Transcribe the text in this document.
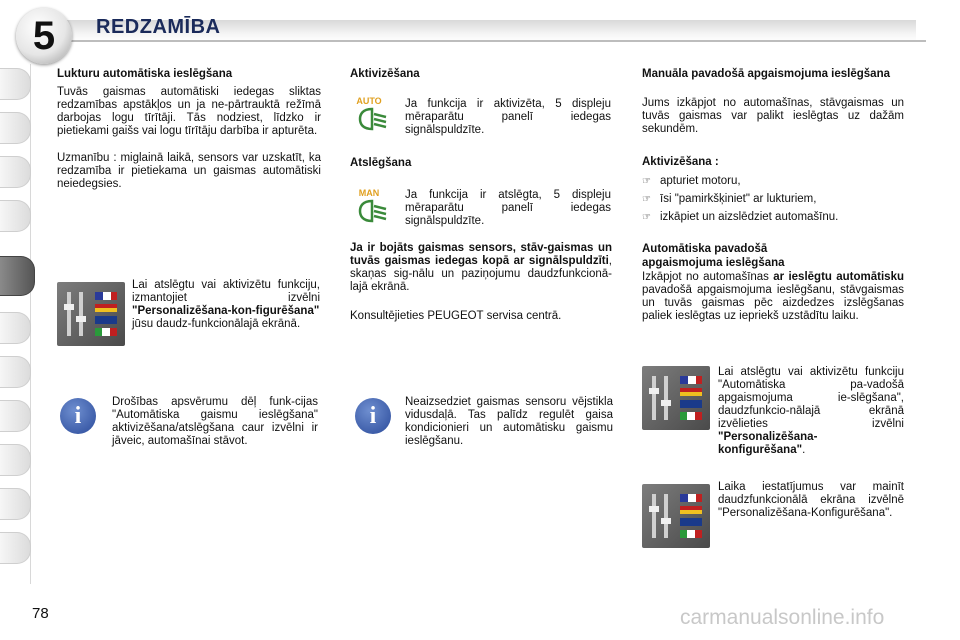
5	REDZAMĪBA
Lukturu automātiska ieslēgšana

Tuvās gaismas automātiski iedegas sliktas redzamības apstākļos un ja ne-pārtrauktā režīmā darbojas logu tīrītāji. Tās nodziest, līdzko ir pietiekami gaišs vai logu tīrītāju darbība ir apturēta.

Uzmanību : miglainā laikā, sensors var uzskatīt, ka redzamība ir pietiekama un gaismas automātiski neiedegsies.

Lai atslēgtu vai aktivizētu funkciju, izmantojiet izvēlni "Personalizēšana-kon-figurēšana" jūsu daudz-funkcionālajā ekrānā.

i

Drošības apsvērumu dēļ funk-cijas "Automātiska gaismu ieslēgšana" aktivizēšana/atslēgšana caur izvēlni ir jāveic, automašīnai stāvot.

Aktivizēšana
AUTO	Ja funkcija ir aktivizēta, 5 displeju mēraparātu panelī iedegas signālspuldzīte.

Atslēgšana
MAN	Ja funkcija ir atslēgta, 5 displeju mēraparātu panelī iedegas signālspuldzīte.

Ja ir bojāts gaismas sensors, stāv-gaismas un tuvās gaismas iedegas kopā ar signālspuldzīti, skaņas sig-nālu un paziņojumu daudzfunkcionā-lajā ekrānā.

Konsultējieties PEUGEOT servisa centrā.

i

Neaizsedziet gaismas sensoru vējstikla vidusdaļā. Tas palīdz regulēt gaisa kondicionieri un automātisku gaismu ieslēgšanu.

Manuāla pavadošā apgaismojuma ieslēgšana

Jums izkāpjot no automašīnas, stāvgaismas un tuvās gaismas var palikt ieslēgtas uz dažām sekundēm.

Aktivizēšana :
☞ apturiet motoru,
☞ īsi "pamirkšķiniet" ar lukturiem,
☞ izkāpiet un aizslēdziet automašīnu.
Automātiska pavadošā apgaismojuma ieslēgšana

Izkāpjot no automašīnas ar ieslēgtu automātisku pavadošā apgaismojuma ieslēgšanu, stāvgaismas un tuvās gaismas pēc aizdedzes izslēgšanas paliek ieslēgtas uz iepriekš uzstādītu laiku.

Lai atslēgtu vai aktivizētu funkciju "Automātiska pa-vadošā apgaismojuma ie-slēgšana", daudzfunkcio-nālajā ekrānā izvēlieties izvēlni "Personalizēšana-konfigurēšana".

Laika iestatījumus var mainīt daudzfunkcionālā ekrāna izvēlnē "Personalizēšana-Konfigurēšana".

78	carmanualsonline.info
